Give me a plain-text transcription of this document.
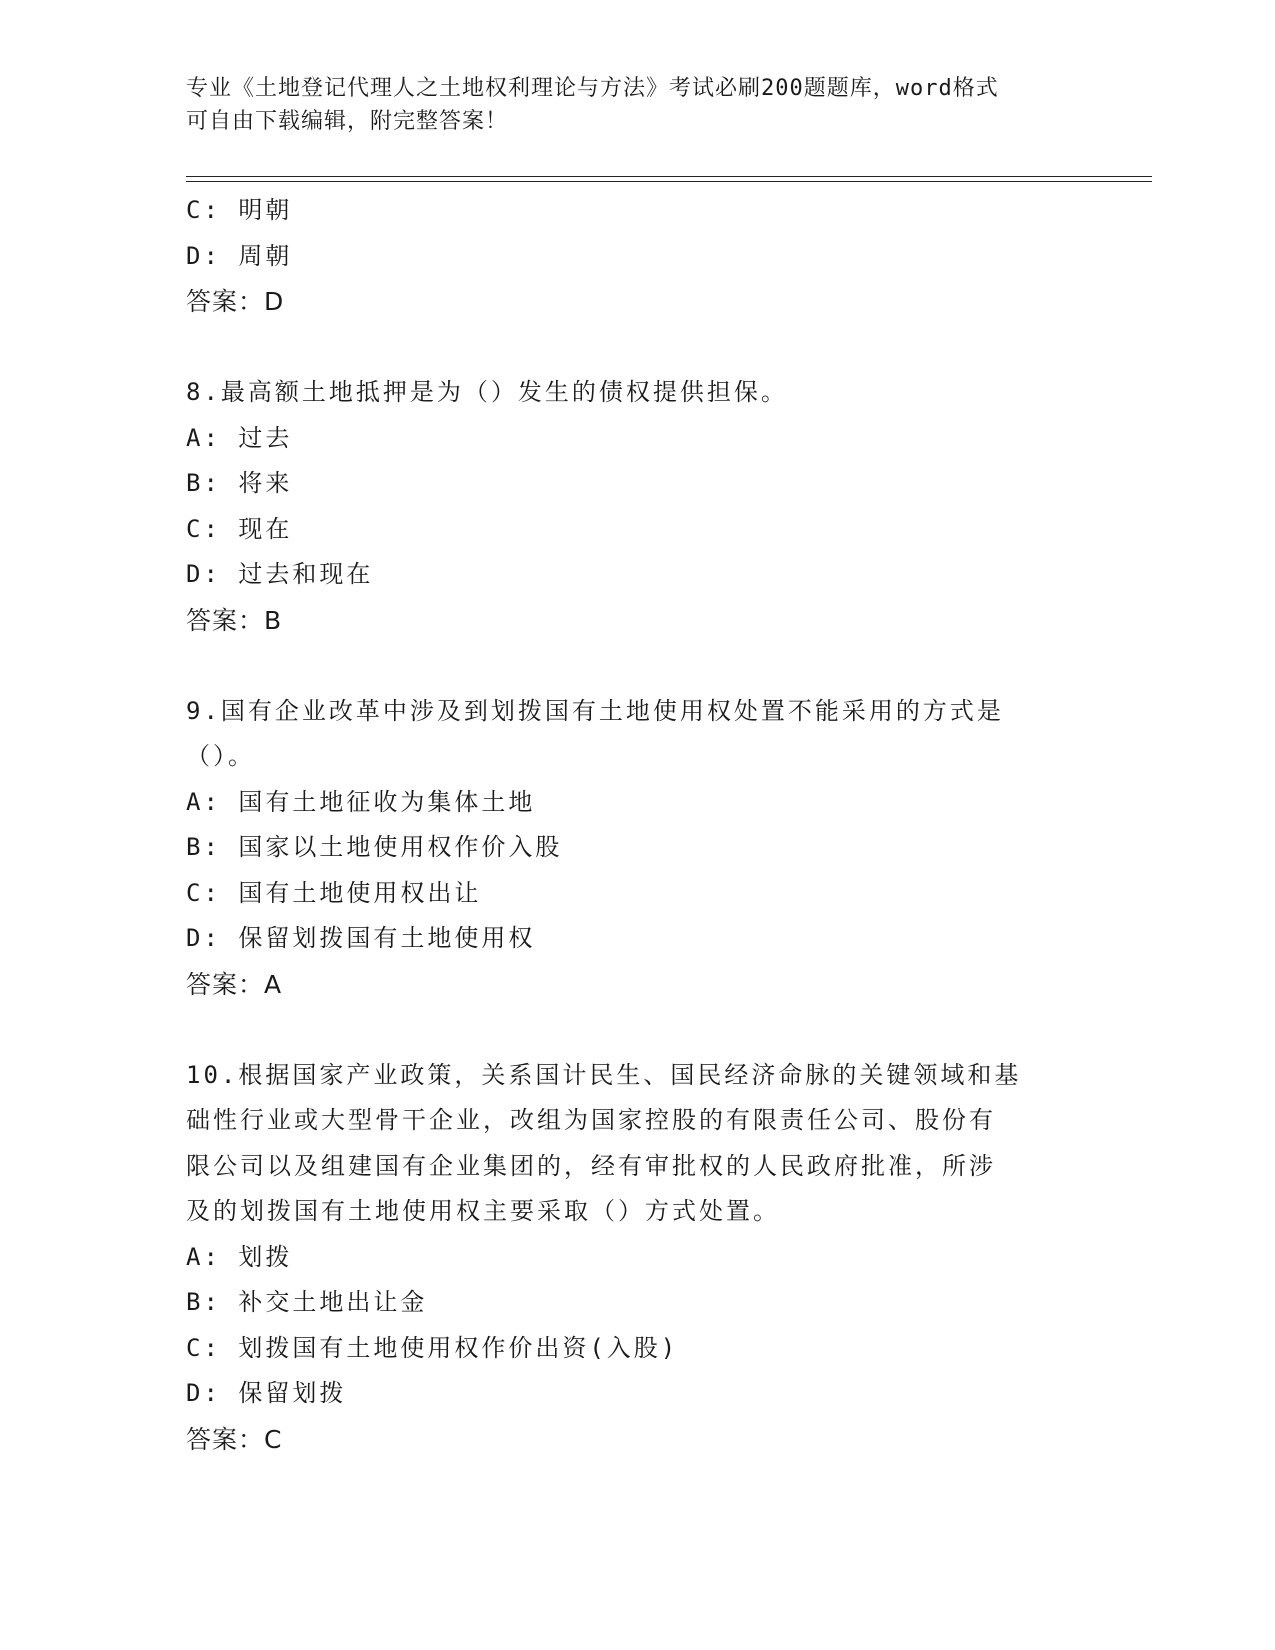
专业《土地登记代理人之土地权利理论与方法》考试必刷200题题库，word格式
可自由下载编辑，附完整答案！
C: 明朝
D: 周朝
答案：D
8.最高额土地抵押是为（）发生的债权提供担保。
A: 过去
B: 将来
C: 现在
D: 过去和现在
答案：B
9.国有企业改革中涉及到划拨国有土地使用权处置不能采用的方式是
（）。
A: 国有土地征收为集体土地
B: 国家以土地使用权作价入股
C: 国有土地使用权出让
D: 保留划拨国有土地使用权
答案：A
10.根据国家产业政策，关系国计民生、国民经济命脉的关键领域和基
础性行业或大型骨干企业，改组为国家控股的有限责任公司、股份有
限公司以及组建国有企业集团的，经有审批权的人民政府批准，所涉
及的划拨国有土地使用权主要采取（）方式处置。
A: 划拨
B: 补交土地出让金
C: 划拨国有土地使用权作价出资(入股)
D: 保留划拨
答案：C
